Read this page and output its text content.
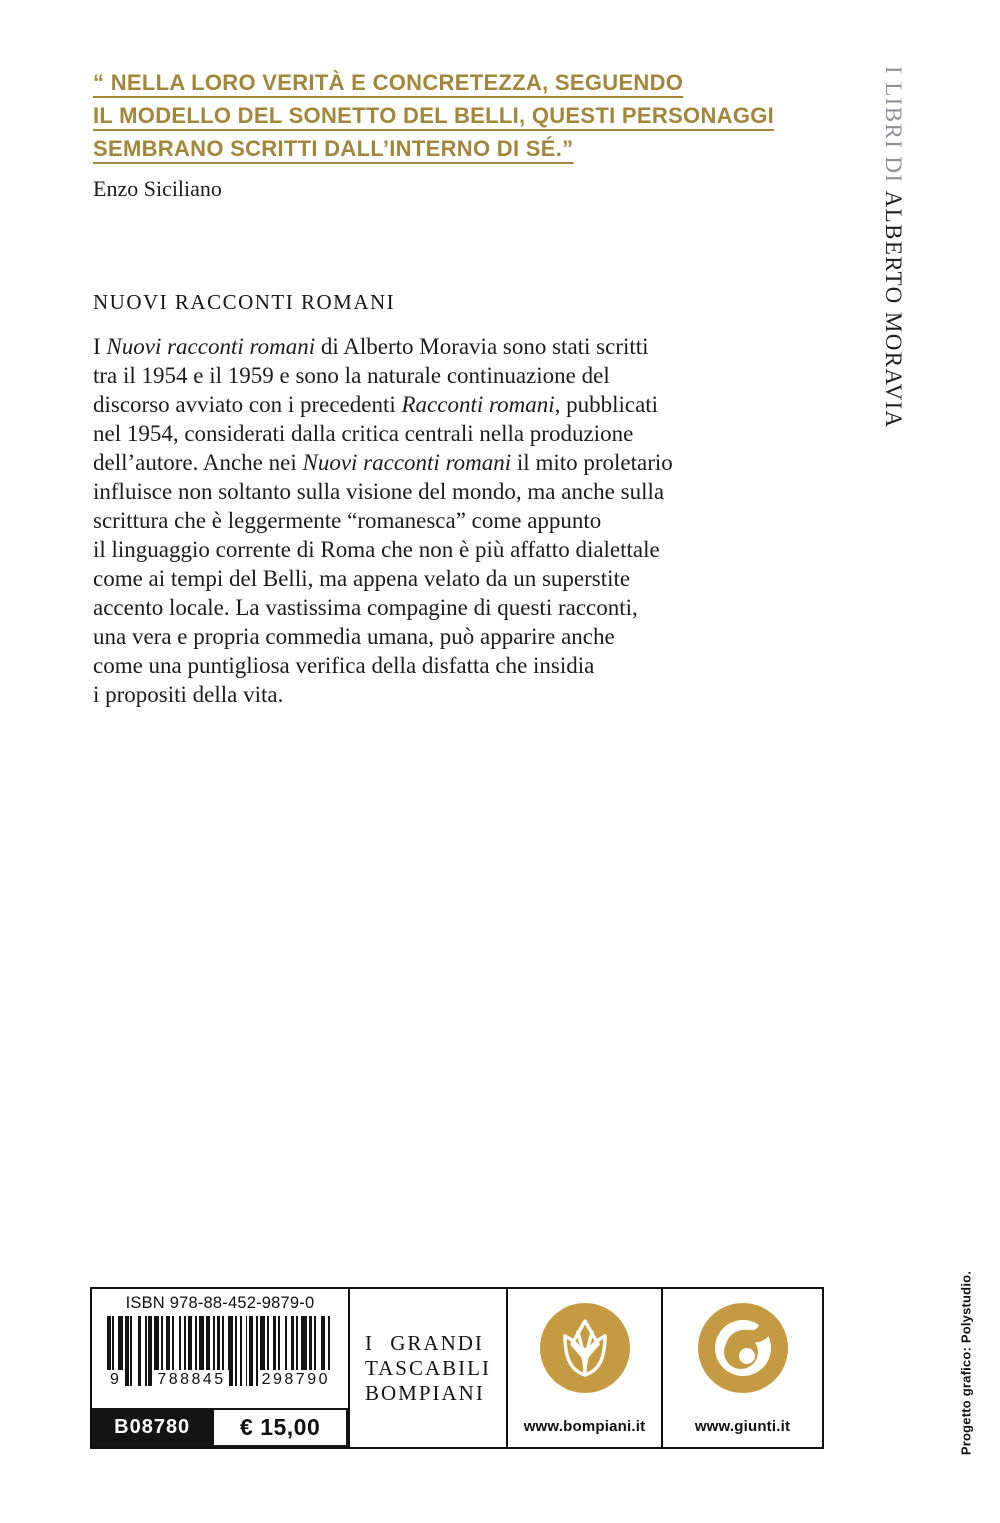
“ NELLA LORO VERITÀ E CONCRETEZZA, SEGUENDO
IL MODELLO DEL SONETTO DEL BELLI, QUESTI PERSONAGGI
SEMBRANO SCRITTI DALL’INTERNO DI SÉ.”
Enzo Siciliano	I LIBRI DI ALBERTO MORAVIA
NUOVI RACCONTI ROMANI
I Nuovi racconti romani di Alberto Moravia sono stati scritti
tra il 1954 e il 1959 e sono la naturale continuazione del
discorso avviato con i precedenti Racconti romani, pubblicati
nel 1954, considerati dalla critica centrali nella produzione
dell’autore. Anche nei Nuovi racconti romani il mito proletario
influisce non soltanto sulla visione del mondo, ma anche sulla
scrittura che è leggermente “romanesca” come appunto
il linguaggio corrente di Roma che non è più affatto dialettale
come ai tempi del Belli, ma appena velato da un superstite
accento locale. La vastissima compagine di questi racconti,
una vera e propria commedia umana, può apparire anche
come una puntigliosa verifica della disfatta che insidia
i propositi della vita.
ISBN 978-88-452-9879-0
9 788845 298790
B08780	€ 15,00
I GRANDI
TASCABILI
BOMPIANI
www.bompiani.it	www.giunti.it	Progetto grafico: Polystudio.
